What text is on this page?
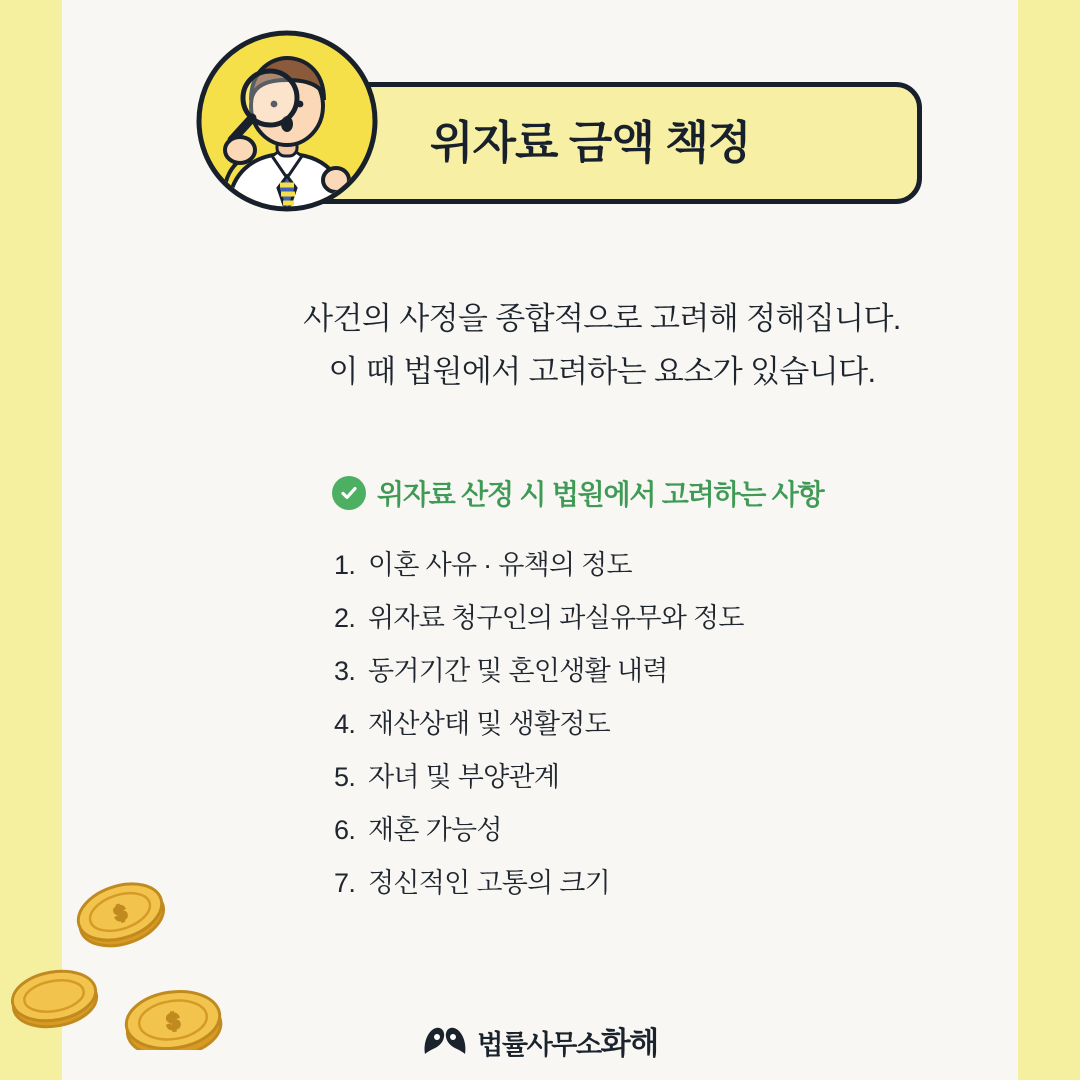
위자료 금액 책정
사건의 사정을 종합적으로 고려해 정해집니다.
이 때 법원에서 고려하는 요소가 있습니다.
위자료 산정 시 법원에서 고려하는 사항
1. 이혼 사유 · 유책의 정도
2. 위자료 청구인의 과실유무와 정도
3. 동거기간 및 혼인생활 내력
4. 재산상태 및 생활정도
5. 자녀 및 부양관계
6. 재혼 가능성
7. 정신적인 고통의 크기
$
$
법률사무소화해
